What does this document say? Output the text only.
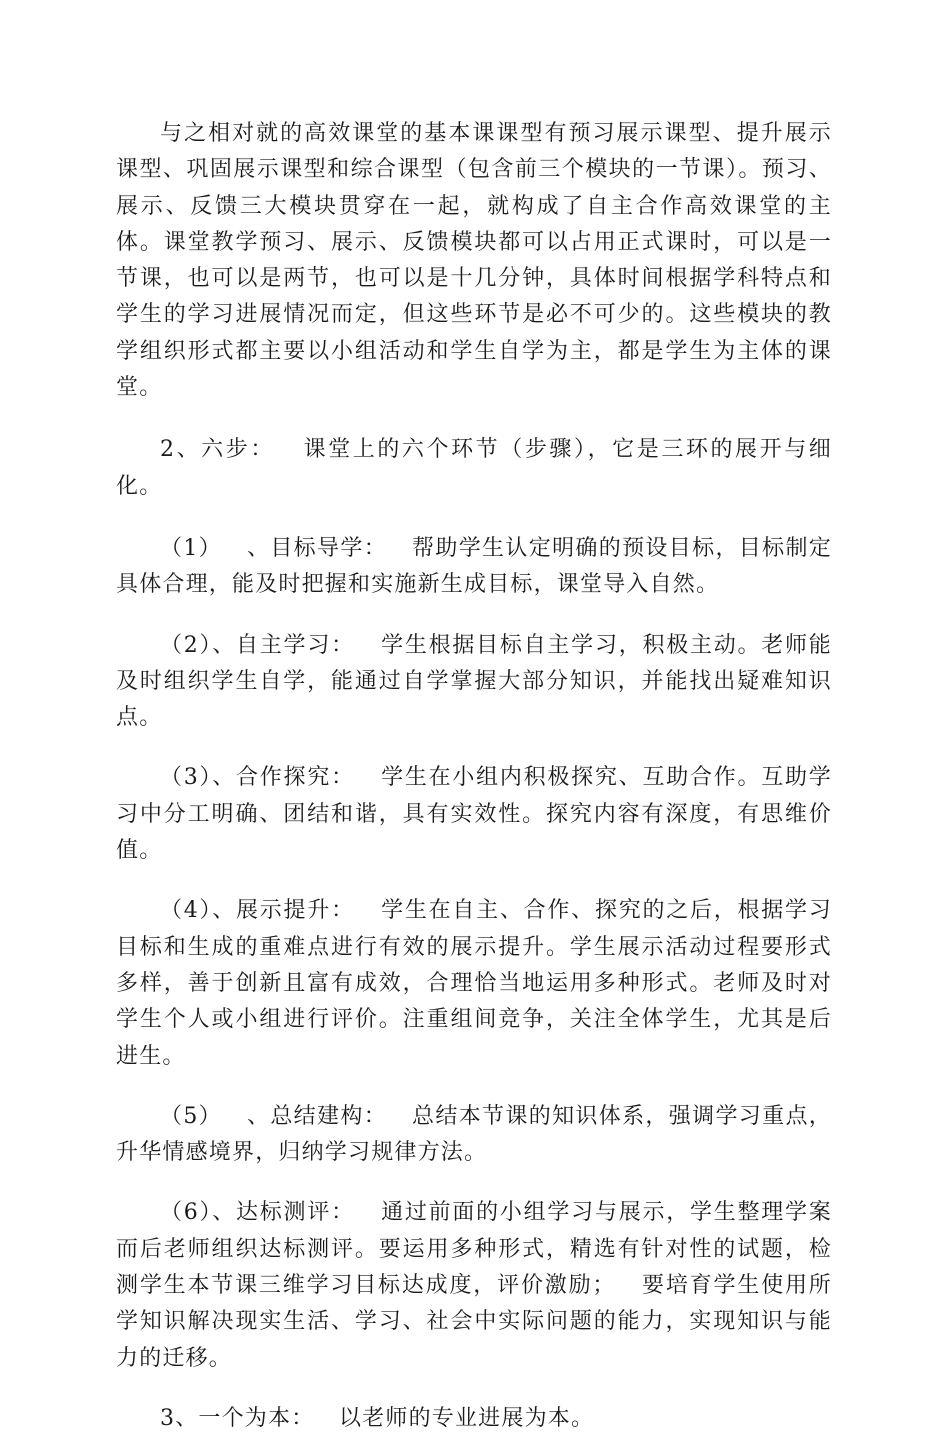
与之相对就的高效课堂的基本课课型有预习展示课型、提升展示课型、巩固展示课型和综合课型（包含前三个模块的一节课）。预习、展示、反馈三大模块贯穿在一起，就构成了自主合作高效课堂的主体。课堂教学预习、展示、反馈模块都可以占用正式课时，可以是一节课，也可以是两节，也可以是十几分钟，具体时间根据学科特点和学生的学习进展情况而定，但这些环节是必不可少的。这些模块的教学组织形式都主要以小组活动和学生自学为主，都是学生为主体的课堂。

2、六步：   课堂上的六个环节（步骤），它是三环的展开与细化。

（1）   、目标导学：   帮助学生认定明确的预设目标，目标制定具体合理，能及时把握和实施新生成目标，课堂导入自然。

（2）、自主学习：   学生根据目标自主学习，积极主动。老师能及时组织学生自学，能通过自学掌握大部分知识，并能找出疑难知识点。

（3）、合作探究：   学生在小组内积极探究、互助合作。互助学习中分工明确、团结和谐，具有实效性。探究内容有深度，有思维价值。

（4）、展示提升：   学生在自主、合作、探究的之后，根据学习目标和生成的重难点进行有效的展示提升。学生展示活动过程要形式多样，善于创新且富有成效，合理恰当地运用多种形式。老师及时对学生个人或小组进行评价。注重组间竞争，关注全体学生，尤其是后进生。

（5）   、总结建构：   总结本节课的知识体系，强调学习重点，升华情感境界，归纳学习规律方法。

（6）、达标测评：   通过前面的小组学习与展示，学生整理学案而后老师组织达标测评。要运用多种形式，精选有针对性的试题，检测学生本节课三维学习目标达成度，评价激励；   要培育学生使用所学知识解决现实生活、学习、社会中实际问题的能力，实现知识与能力的迁移。

3、一个为本：   以老师的专业进展为本。
